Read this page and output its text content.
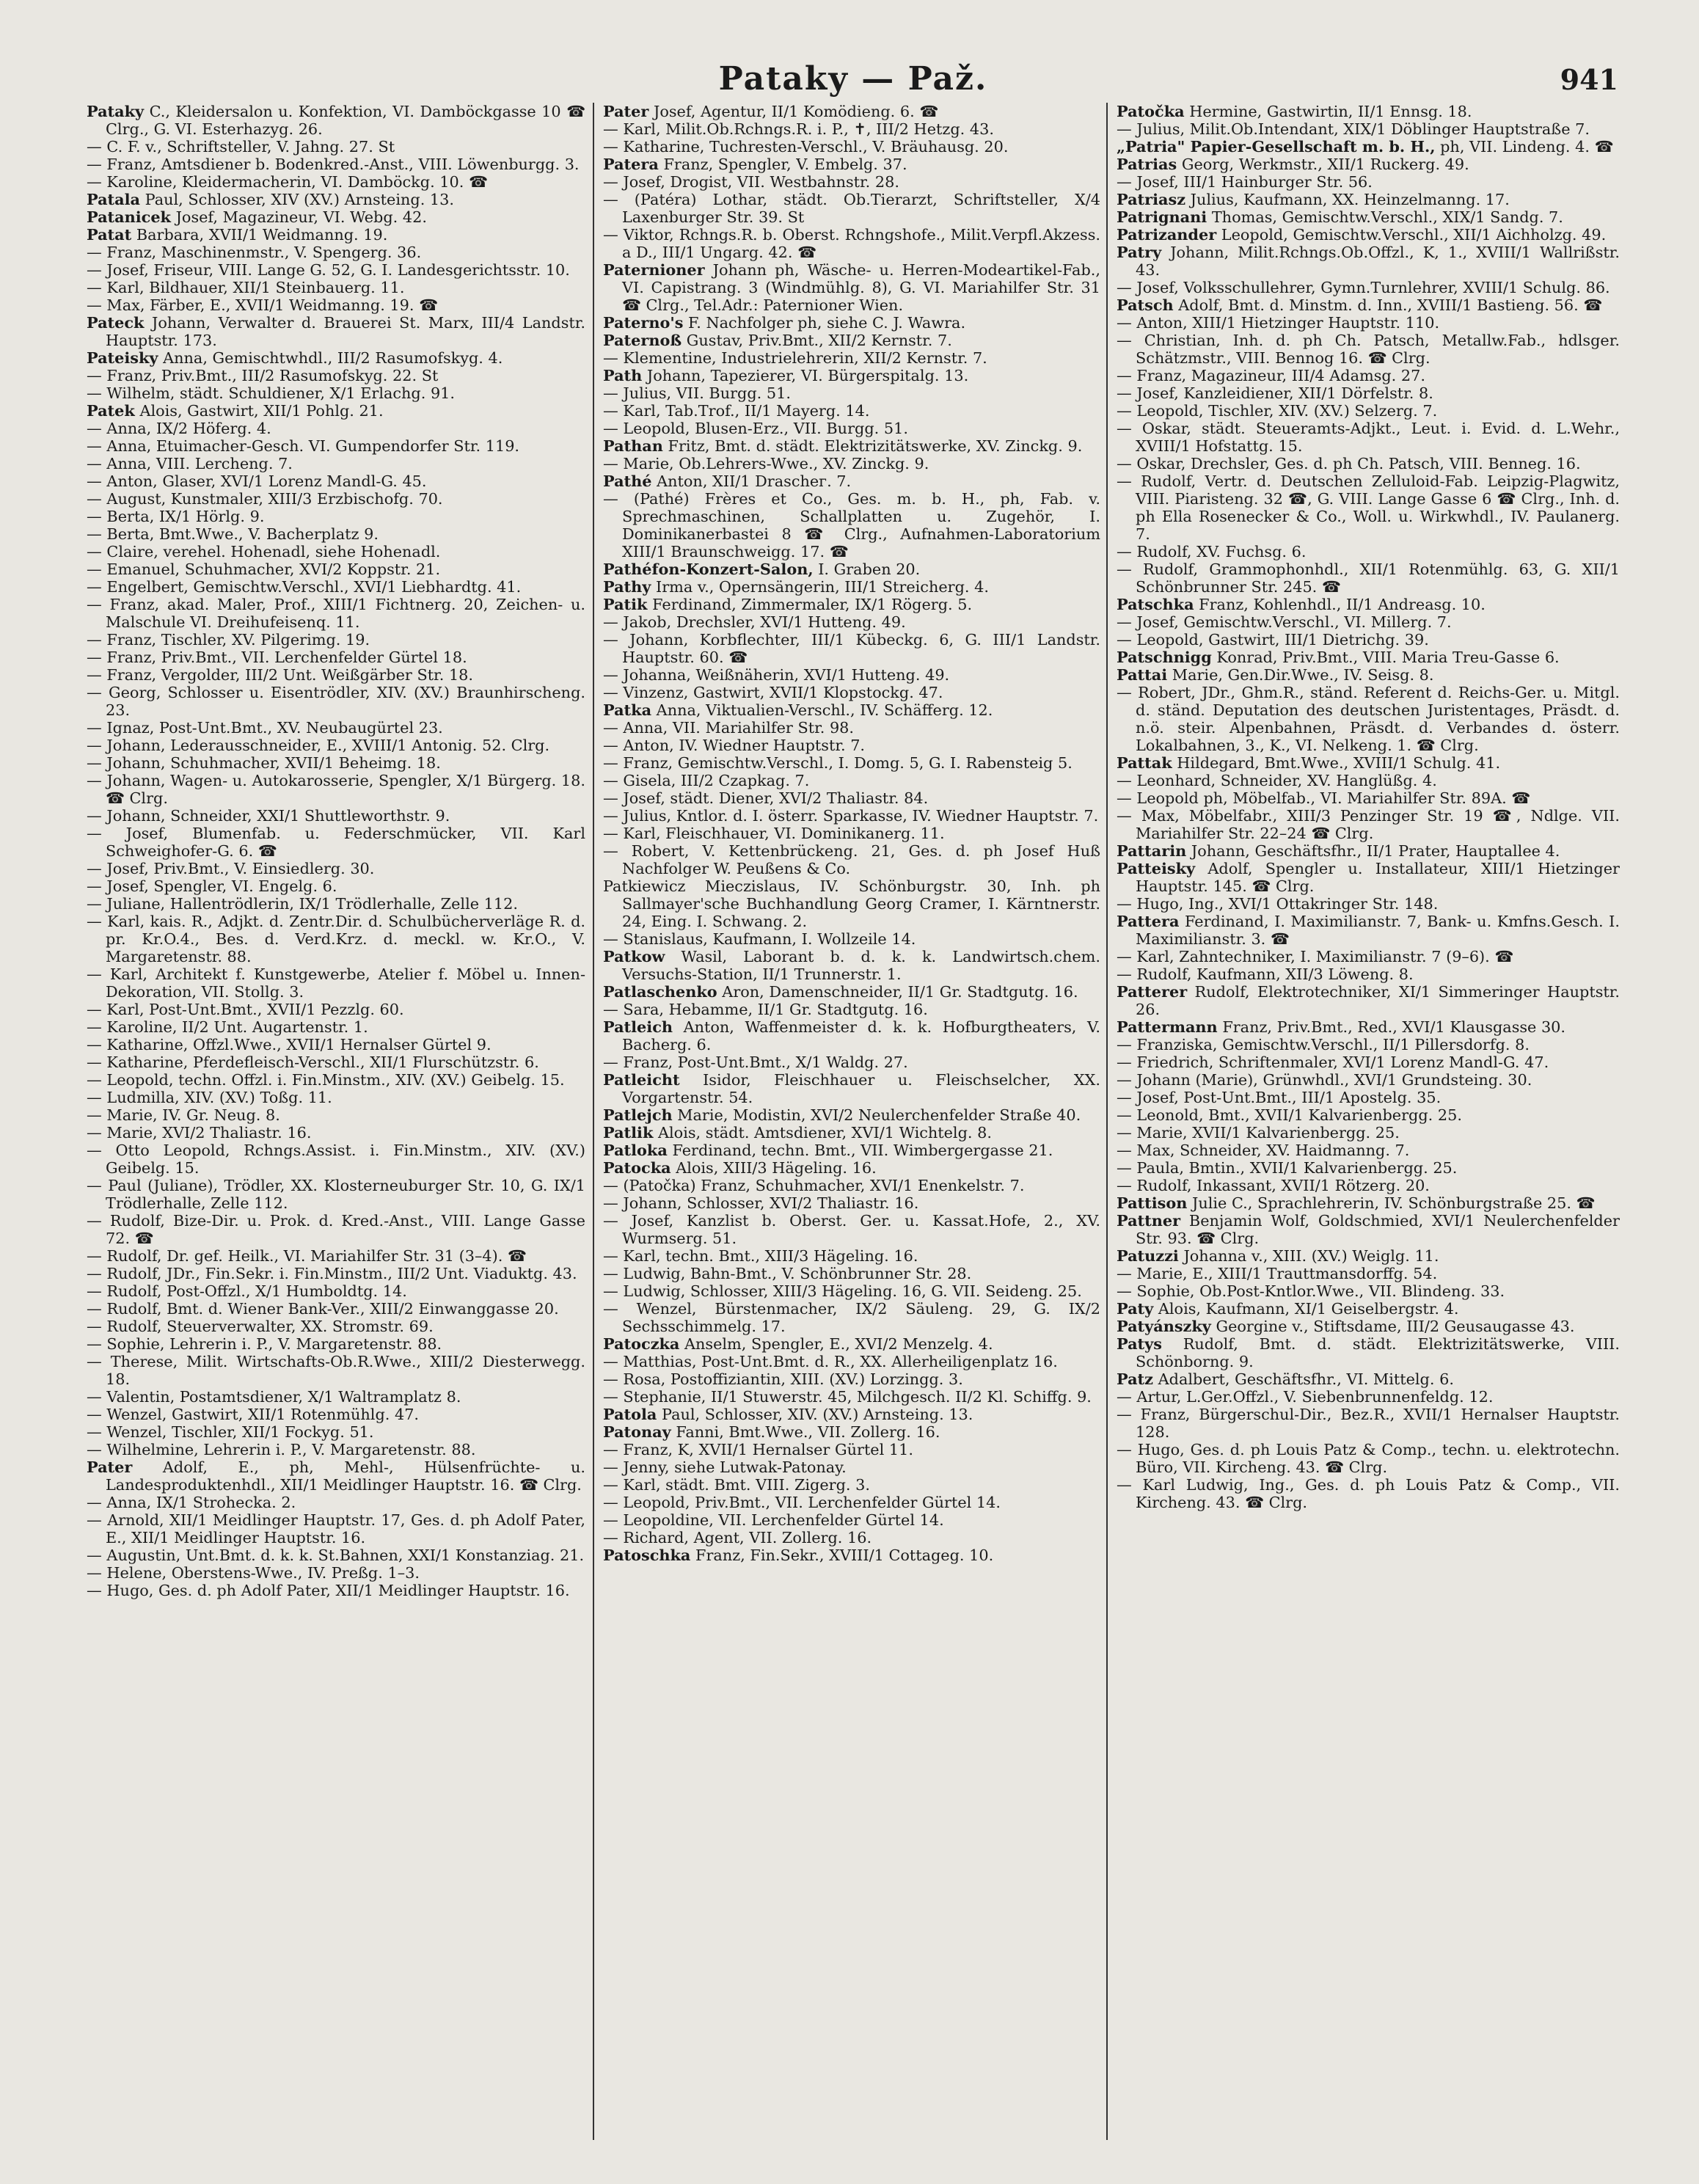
Pataky — Paž.	941

Pataky C., Kleidersalon u. Konfektion, VI. Damböckgasse 10 ☎ Clrg., G. VI. Esterhazyg. 26.

— C. F. v., Schriftsteller, V. Jahng. 27. St

— Franz, Amtsdiener b. Bodenkred.-Anst., VIII. Löwenburgg. 3.

— Karoline, Kleidermacherin, VI. Damböckg. 10. ☎

Patala Paul, Schlosser, XIV (XV.) Arnsteing. 13.

Patanicek Josef, Magazineur, VI. Webg. 42.

Patat Barbara, XVII/1 Weidmanng. 19.

— Franz, Maschinenmstr., V. Spengerg. 36.

— Josef, Friseur, VIII. Lange G. 52, G. I. Landesgerichtsstr. 10.

— Karl, Bildhauer, XII/1 Steinbauerg. 11.

— Max, Färber, E., XVII/1 Weidmanng. 19. ☎

Pateck Johann, Verwalter d. Brauerei St. Marx, III/4 Landstr. Hauptstr. 173.

Pateisky Anna, Gemischtwhdl., III/2 Rasumofskyg. 4.

— Franz, Priv.Bmt., III/2 Rasumofskyg. 22. St

— Wilhelm, städt. Schuldiener, X/1 Erlachg. 91.

Patek Alois, Gastwirt, XII/1 Pohlg. 21.

— Anna, IX/2 Höferg. 4.

— Anna, Etuimacher-Gesch. VI. Gumpendorfer Str. 119.

— Anna, VIII. Lercheng. 7.

— Anton, Glaser, XVI/1 Lorenz Mandl-G. 45.

— August, Kunstmaler, XIII/3 Erzbischofg. 70.

— Berta, IX/1 Hörlg. 9.

— Berta, Bmt.Wwe., V. Bacherplatz 9.

— Claire, verehel. Hohenadl, siehe Hohenadl.

— Emanuel, Schuhmacher, XVI/2 Koppstr. 21.

— Engelbert, Gemischtw.Verschl., XVI/1 Liebhardtg. 41.

— Franz, akad. Maler, Prof., XIII/1 Fichtnerg. 20, Zeichen- u. Malschule VI. Dreihufeisenq. 11.

— Franz, Tischler, XV. Pilgerimg. 19.

— Franz, Priv.Bmt., VII. Lerchenfelder Gürtel 18.

— Franz, Vergolder, III/2 Unt. Weißgärber Str. 18.

— Georg, Schlosser u. Eisentrödler, XIV. (XV.) Braunhirscheng. 23.

— Ignaz, Post-Unt.Bmt., XV. Neubaugürtel 23.

— Johann, Lederausschneider, E., XVIII/1 Antonig. 52. Clrg.

— Johann, Schuhmacher, XVII/1 Beheimg. 18.

— Johann, Wagen- u. Autokarosserie, Spengler, X/1 Bürgerg. 18. ☎ Clrg.

— Johann, Schneider, XXI/1 Shuttleworthstr. 9.

— Josef, Blumenfab. u. Federschmücker, VII. Karl Schweighofer-G. 6. ☎

— Josef, Priv.Bmt., V. Einsiedlerg. 30.

— Josef, Spengler, VI. Engelg. 6.

— Juliane, Hallentrödlerin, IX/1 Trödlerhalle, Zelle 112.

— Karl, kais. R., Adjkt. d. Zentr.Dir. d. Schulbücherverläge R. d. pr. Kr.O.4., Bes. d. Verd.Krz. d. meckl. w. Kr.O., V. Margaretenstr. 88.

— Karl, Architekt f. Kunstgewerbe, Atelier f. Möbel u. Innen-Dekoration, VII. Stollg. 3.

— Karl, Post-Unt.Bmt., XVII/1 Pezzlg. 60.

— Karoline, II/2 Unt. Augartenstr. 1.

— Katharine, Offzl.Wwe., XVII/1 Hernalser Gürtel 9.

— Katharine, Pferdefleisch-Verschl., XII/1 Flurschützstr. 6.

— Leopold, techn. Offzl. i. Fin.Minstm., XIV. (XV.) Geibelg. 15.

— Ludmilla, XIV. (XV.) Toßg. 11.

— Marie, IV. Gr. Neug. 8.

— Marie, XVI/2 Thaliastr. 16.

— Otto Leopold, Rchngs.Assist. i. Fin.Minstm., XIV. (XV.) Geibelg. 15.

— Paul (Juliane), Trödler, XX. Klosterneuburger Str. 10, G. IX/1 Trödlerhalle, Zelle 112.

— Rudolf, Bize-Dir. u. Prok. d. Kred.-Anst., VIII. Lange Gasse 72. ☎

— Rudolf, Dr. gef. Heilk., VI. Mariahilfer Str. 31 (3–4). ☎

— Rudolf, JDr., Fin.Sekr. i. Fin.Minstm., III/2 Unt. Viaduktg. 43.

— Rudolf, Post-Offzl., X/1 Humboldtg. 14.

— Rudolf, Bmt. d. Wiener Bank-Ver., XIII/2 Einwanggasse 20.

— Rudolf, Steuerverwalter, XX. Stromstr. 69.

— Sophie, Lehrerin i. P., V. Margaretenstr. 88.

— Therese, Milit. Wirtschafts-Ob.R.Wwe., XIII/2 Diesterwegg. 18.

— Valentin, Postamtsdiener, X/1 Waltramplatz 8.

— Wenzel, Gastwirt, XII/1 Rotenmühlg. 47.

— Wenzel, Tischler, XII/1 Fockyg. 51.

— Wilhelmine, Lehrerin i. P., V. Margaretenstr. 88.

Pater Adolf, E., ph, Mehl-, Hülsenfrüchte- u. Landesproduktenhdl., XII/1 Meidlinger Hauptstr. 16. ☎ Clrg.

— Anna, IX/1 Strohecka. 2.

— Arnold, XII/1 Meidlinger Hauptstr. 17, Ges. d. ph Adolf Pater, E., XII/1 Meidlinger Hauptstr. 16.

— Augustin, Unt.Bmt. d. k. k. St.Bahnen, XXI/1 Konstanziag. 21.

— Helene, Oberstens-Wwe., IV. Preßg. 1–3.

— Hugo, Ges. d. ph Adolf Pater, XII/1 Meidlinger Hauptstr. 16.

Pater Josef, Agentur, II/1 Komödieng. 6. ☎

— Karl, Milit.Ob.Rchngs.R. i. P., ✝, III/2 Hetzg. 43.

— Katharine, Tuchresten-Verschl., V. Bräuhausg. 20.

Patera Franz, Spengler, V. Embelg. 37.

— Josef, Drogist, VII. Westbahnstr. 28.

— (Patéra) Lothar, städt. Ob.Tierarzt, Schriftsteller, X/4 Laxenburger Str. 39. St

— Viktor, Rchngs.R. b. Oberst. Rchngshofe., Milit.Verpfl.Akzess. a D., III/1 Ungarg. 42. ☎

Paternioner Johann ph, Wäsche- u. Herren-Modeartikel-Fab., VI. Capistrang. 3 (Windmühlg. 8), G. VI. Mariahilfer Str. 31 ☎ Clrg., Tel.Adr.: Paternioner Wien.

Paterno's F. Nachfolger ph, siehe C. J. Wawra.

Paternoß Gustav, Priv.Bmt., XII/2 Kernstr. 7.

— Klementine, Industrielehrerin, XII/2 Kernstr. 7.

Path Johann, Tapezierer, VI. Bürgerspitalg. 13.

— Julius, VII. Burgg. 51.

— Karl, Tab.Trof., II/1 Mayerg. 14.

— Leopold, Blusen-Erz., VII. Burgg. 51.

Pathan Fritz, Bmt. d. städt. Elektrizitätswerke, XV. Zinckg. 9.

— Marie, Ob.Lehrers-Wwe., XV. Zinckg. 9.

Pathé Anton, XII/1 Draschег. 7.

— (Pathé) Frères et Co., Ges. m. b. H., ph, Fab. v. Sprechmaschinen, Schallplatten u. Zugehör, I. Dominikanerbastei 8 ☎ Clrg., Aufnahmen-Laboratorium XIII/1 Braunschweigg. 17. ☎

Pathéfon-Konzert-Salon, I. Graben 20.

Pathy Irma v., Opernsängerin, III/1 Streicherg. 4.

Patik Ferdinand, Zimmermaler, IX/1 Rögerg. 5.

— Jakob, Drechsler, XVI/1 Hutteng. 49.

— Johann, Korbflechter, III/1 Kübeckg. 6, G. III/1 Landstr. Hauptstr. 60. ☎

— Johanna, Weißnäherin, XVI/1 Hutteng. 49.

— Vinzenz, Gastwirt, XVII/1 Klopstockg. 47.

Patka Anna, Viktualien-Verschl., IV. Schäfferg. 12.

— Anna, VII. Mariahilfer Str. 98.

— Anton, IV. Wiedner Hauptstr. 7.

— Franz, Gemischtw.Verschl., I. Domg. 5, G. I. Rabensteig 5.

— Gisela, III/2 Czapkag. 7.

— Josef, städt. Diener, XVI/2 Thaliastr. 84.

— Julius, Kntlor. d. I. österr. Sparkasse, IV. Wiedner Hauptstr. 7.

— Karl, Fleischhauer, VI. Dominikanerg. 11.

— Robert, V. Kettenbrückeng. 21, Ges. d. ph Josef Huß Nachfolger W. Peußens & Co.

Patkiewicz Mieczislaus, IV. Schönburgstr. 30, Inh. ph Sallmayer'sche Buchhandlung Georg Cramer, I. Kärntnerstr. 24, Eing. I. Schwang. 2.

— Stanislaus, Kaufmann, I. Wollzeile 14.

Patkow Wasil, Laborant b. d. k. k. Landwirtsch.chem. Versuchs-Station, II/1 Trunnerstr. 1.

Patlaschenko Aron, Damenschneider, II/1 Gr. Stadtgutg. 16.

— Sara, Hebamme, II/1 Gr. Stadtgutg. 16.

Patleich Anton, Waffenmeister d. k. k. Hofburgtheaters, V. Bacherg. 6.

— Franz, Post-Unt.Bmt., X/1 Waldg. 27.

Patleicht Isidor, Fleischhauer u. Fleischselcher, XX. Vorgartenstr. 54.

Patlejch Marie, Modistin, XVI/2 Neulerchenfelder Straße 40.

Patlik Alois, städt. Amtsdiener, XVI/1 Wichtelg. 8.

Patloka Ferdinand, techn. Bmt., VII. Wimbergergasse 21.

Patocka Alois, XIII/3 Hägeling. 16.

— (Patočka) Franz, Schuhmacher, XVI/1 Enenkelstr. 7.

— Johann, Schlosser, XVI/2 Thaliastr. 16.

— Josef, Kanzlist b. Oberst. Ger. u. Kassat.Hofe, 2., XV. Wurmserg. 51.

— Karl, techn. Bmt., XIII/3 Hägeling. 16.

— Ludwig, Bahn-Bmt., V. Schönbrunner Str. 28.

— Ludwig, Schlosser, XIII/3 Hägeling. 16, G. VII. Seideng. 25.

— Wenzel, Bürstenmacher, IX/2 Säuleng. 29, G. IX/2 Sechsschimmelg. 17.

Patoczka Anselm, Spengler, E., XVI/2 Menzelg. 4.

— Matthias, Post-Unt.Bmt. d. R., XX. Allerheiligenplatz 16.

— Rosa, Postoffiziantin, XIII. (XV.) Lorzingg. 3.

— Stephanie, II/1 Stuwerstr. 45, Milchgesch. II/2 Kl. Schiffg. 9.

Patola Paul, Schlosser, XIV. (XV.) Arnsteing. 13.

Patonay Fanni, Bmt.Wwe., VII. Zollerg. 16.

— Franz, K, XVII/1 Hernalser Gürtel 11.

— Jenny, siehe Lutwak-Patonay.

— Karl, städt. Bmt. VIII. Zigerg. 3.

— Leopold, Priv.Bmt., VII. Lerchenfelder Gürtel 14.

— Leopoldine, VII. Lerchenfelder Gürtel 14.

— Richard, Agent, VII. Zollerg. 16.

Patoschka Franz, Fin.Sekr., XVIII/1 Cottageg. 10.

Patočka Hermine, Gastwirtin, II/1 Ennsg. 18.

— Julius, Milit.Ob.Intendant, XIX/1 Döblinger Hauptstraße 7.

„Patria" Papier-Gesellschaft m. b. H., ph, VII. Lindeng. 4. ☎

Patrias Georg, Werkmstr., XII/1 Ruckerg. 49.

— Josef, III/1 Hainburger Str. 56.

Patriasz Julius, Kaufmann, XX. Heinzelmanng. 17.

Patrignani Thomas, Gemischtw.Verschl., XIX/1 Sandg. 7.

Patrizander Leopold, Gemischtw.Verschl., XII/1 Aichholzg. 49.

Patry Johann, Milit.Rchngs.Ob.Offzl., K, 1., XVIII/1 Wallrißstr. 43.

— Josef, Volksschullehrer, Gymn.Turnlehrer, XVIII/1 Schulg. 86.

Patsch Adolf, Bmt. d. Minstm. d. Inn., XVIII/1 Bastieng. 56. ☎

— Anton, XIII/1 Hietzinger Hauptstr. 110.

— Christian, Inh. d. ph Ch. Patsch, Metallw.Fab., hdlsger. Schätzmstr., VIII. Bennog 16. ☎ Clrg.

— Franz, Magazineur, III/4 Adamsg. 27.

— Josef, Kanzleidiener, XII/1 Dörfelstr. 8.

— Leopold, Tischler, XIV. (XV.) Selzerg. 7.

— Oskar, städt. Steueramts-Adjkt., Leut. i. Evid. d. L.Wehr., XVIII/1 Hofstattg. 15.

— Oskar, Drechsler, Ges. d. ph Ch. Patsch, VIII. Benneg. 16.

— Rudolf, Vertr. d. Deutschen Zelluloid-Fab. Leipzig-Plagwitz, VIII. Piaristeng. 32 ☎, G. VIII. Lange Gasse 6 ☎ Clrg., Inh. d. ph Ella Rosenecker & Co., Woll. u. Wirkwhdl., IV. Paulanerg. 7.

— Rudolf, XV. Fuchsg. 6.

— Rudolf, Grammophonhdl., XII/1 Rotenmühlg. 63, G. XII/1 Schönbrunner Str. 245. ☎

Patschka Franz, Kohlenhdl., II/1 Andreasg. 10.

— Josef, Gemischtw.Verschl., VI. Millerg. 7.

— Leopold, Gastwirt, III/1 Dietrichg. 39.

Patschnigg Konrad, Priv.Bmt., VIII. Maria Treu-Gasse 6.

Pattai Marie, Gen.Dir.Wwe., IV. Seisg. 8.

— Robert, JDr., Ghm.R., ständ. Referent d. Reichs-Ger. u. Mitgl. d. ständ. Deputation des deutschen Juristentages, Präsdt. d. n.ö. steir. Alpenbahnen, Präsdt. d. Verbandes d. österr. Lokalbahnen, 3., K., VI. Nelkeng. 1. ☎ Clrg.

Pattak Hildegard, Bmt.Wwe., XVIII/1 Schulg. 41.

— Leonhard, Schneider, XV. Hanglüßg. 4.

— Leopold ph, Möbelfab., VI. Mariahilfer Str. 89A. ☎

— Max, Möbelfabr., XIII/3 Penzinger Str. 19 ☎, Ndlge. VII. Mariahilfer Str. 22–24 ☎ Clrg.

Pattarin Johann, Geschäftsfhr., II/1 Prater, Hauptallee 4.

Patteisky Adolf, Spengler u. Installateur, XIII/1 Hietzinger Hauptstr. 145. ☎ Clrg.

— Hugo, Ing., XVI/1 Ottakringer Str. 148.

Pattera Ferdinand, I. Maximilianstr. 7, Bank- u. Kmfns.Gesch. I. Maximilianstr. 3. ☎

— Karl, Zahntechniker, I. Maximilianstr. 7 (9–6). ☎

— Rudolf, Kaufmann, XII/3 Löweng. 8.

Patterer Rudolf, Elektrotechniker, XI/1 Simmeringer Hauptstr. 26.

Pattermann Franz, Priv.Bmt., Red., XVI/1 Klausgasse 30.

— Franziska, Gemischtw.Verschl., II/1 Pillersdorfg. 8.

— Friedrich, Schriftenmaler, XVI/1 Lorenz Mandl-G. 47.

— Johann (Marie), Grünwhdl., XVI/1 Grundsteing. 30.

— Josef, Post-Unt.Bmt., III/1 Apostelg. 35.

— Leonold, Bmt., XVII/1 Kalvarienbergg. 25.

— Marie, XVII/1 Kalvarienbergg. 25.

— Max, Schneider, XV. Haidmanng. 7.

— Paula, Bmtin., XVII/1 Kalvarienbergg. 25.

— Rudolf, Inkassant, XVII/1 Rötzerg. 20.

Pattison Julie C., Sprachlehrerin, IV. Schönburgstraße 25. ☎

Pattner Benjamin Wolf, Goldschmied, XVI/1 Neulerchenfelder Str. 93. ☎ Clrg.

Patuzzi Johanna v., XIII. (XV.) Weiglg. 11.

— Marie, E., XIII/1 Trauttmansdorffg. 54.

— Sophie, Ob.Post-Kntlor.Wwe., VII. Blindeng. 33.

Paty Alois, Kaufmann, XI/1 Geiselbergstr. 4.

Patyánszky Georgine v., Stiftsdame, III/2 Geusaugasse 43.

Patys Rudolf, Bmt. d. städt. Elektrizitätswerke, VIII. Schönborng. 9.

Patz Adalbert, Geschäftsfhr., VI. Mittelg. 6.

— Artur, L.Ger.Offzl., V. Siebenbrunnenfeldg. 12.

— Franz, Bürgerschul-Dir., Bez.R., XVII/1 Hernalser Hauptstr. 128.

— Hugo, Ges. d. ph Louis Patz & Comp., techn. u. elektrotechn. Büro, VII. Kircheng. 43. ☎ Clrg.

— Karl Ludwig, Ing., Ges. d. ph Louis Patz & Comp., VII. Kircheng. 43. ☎ Clrg.
